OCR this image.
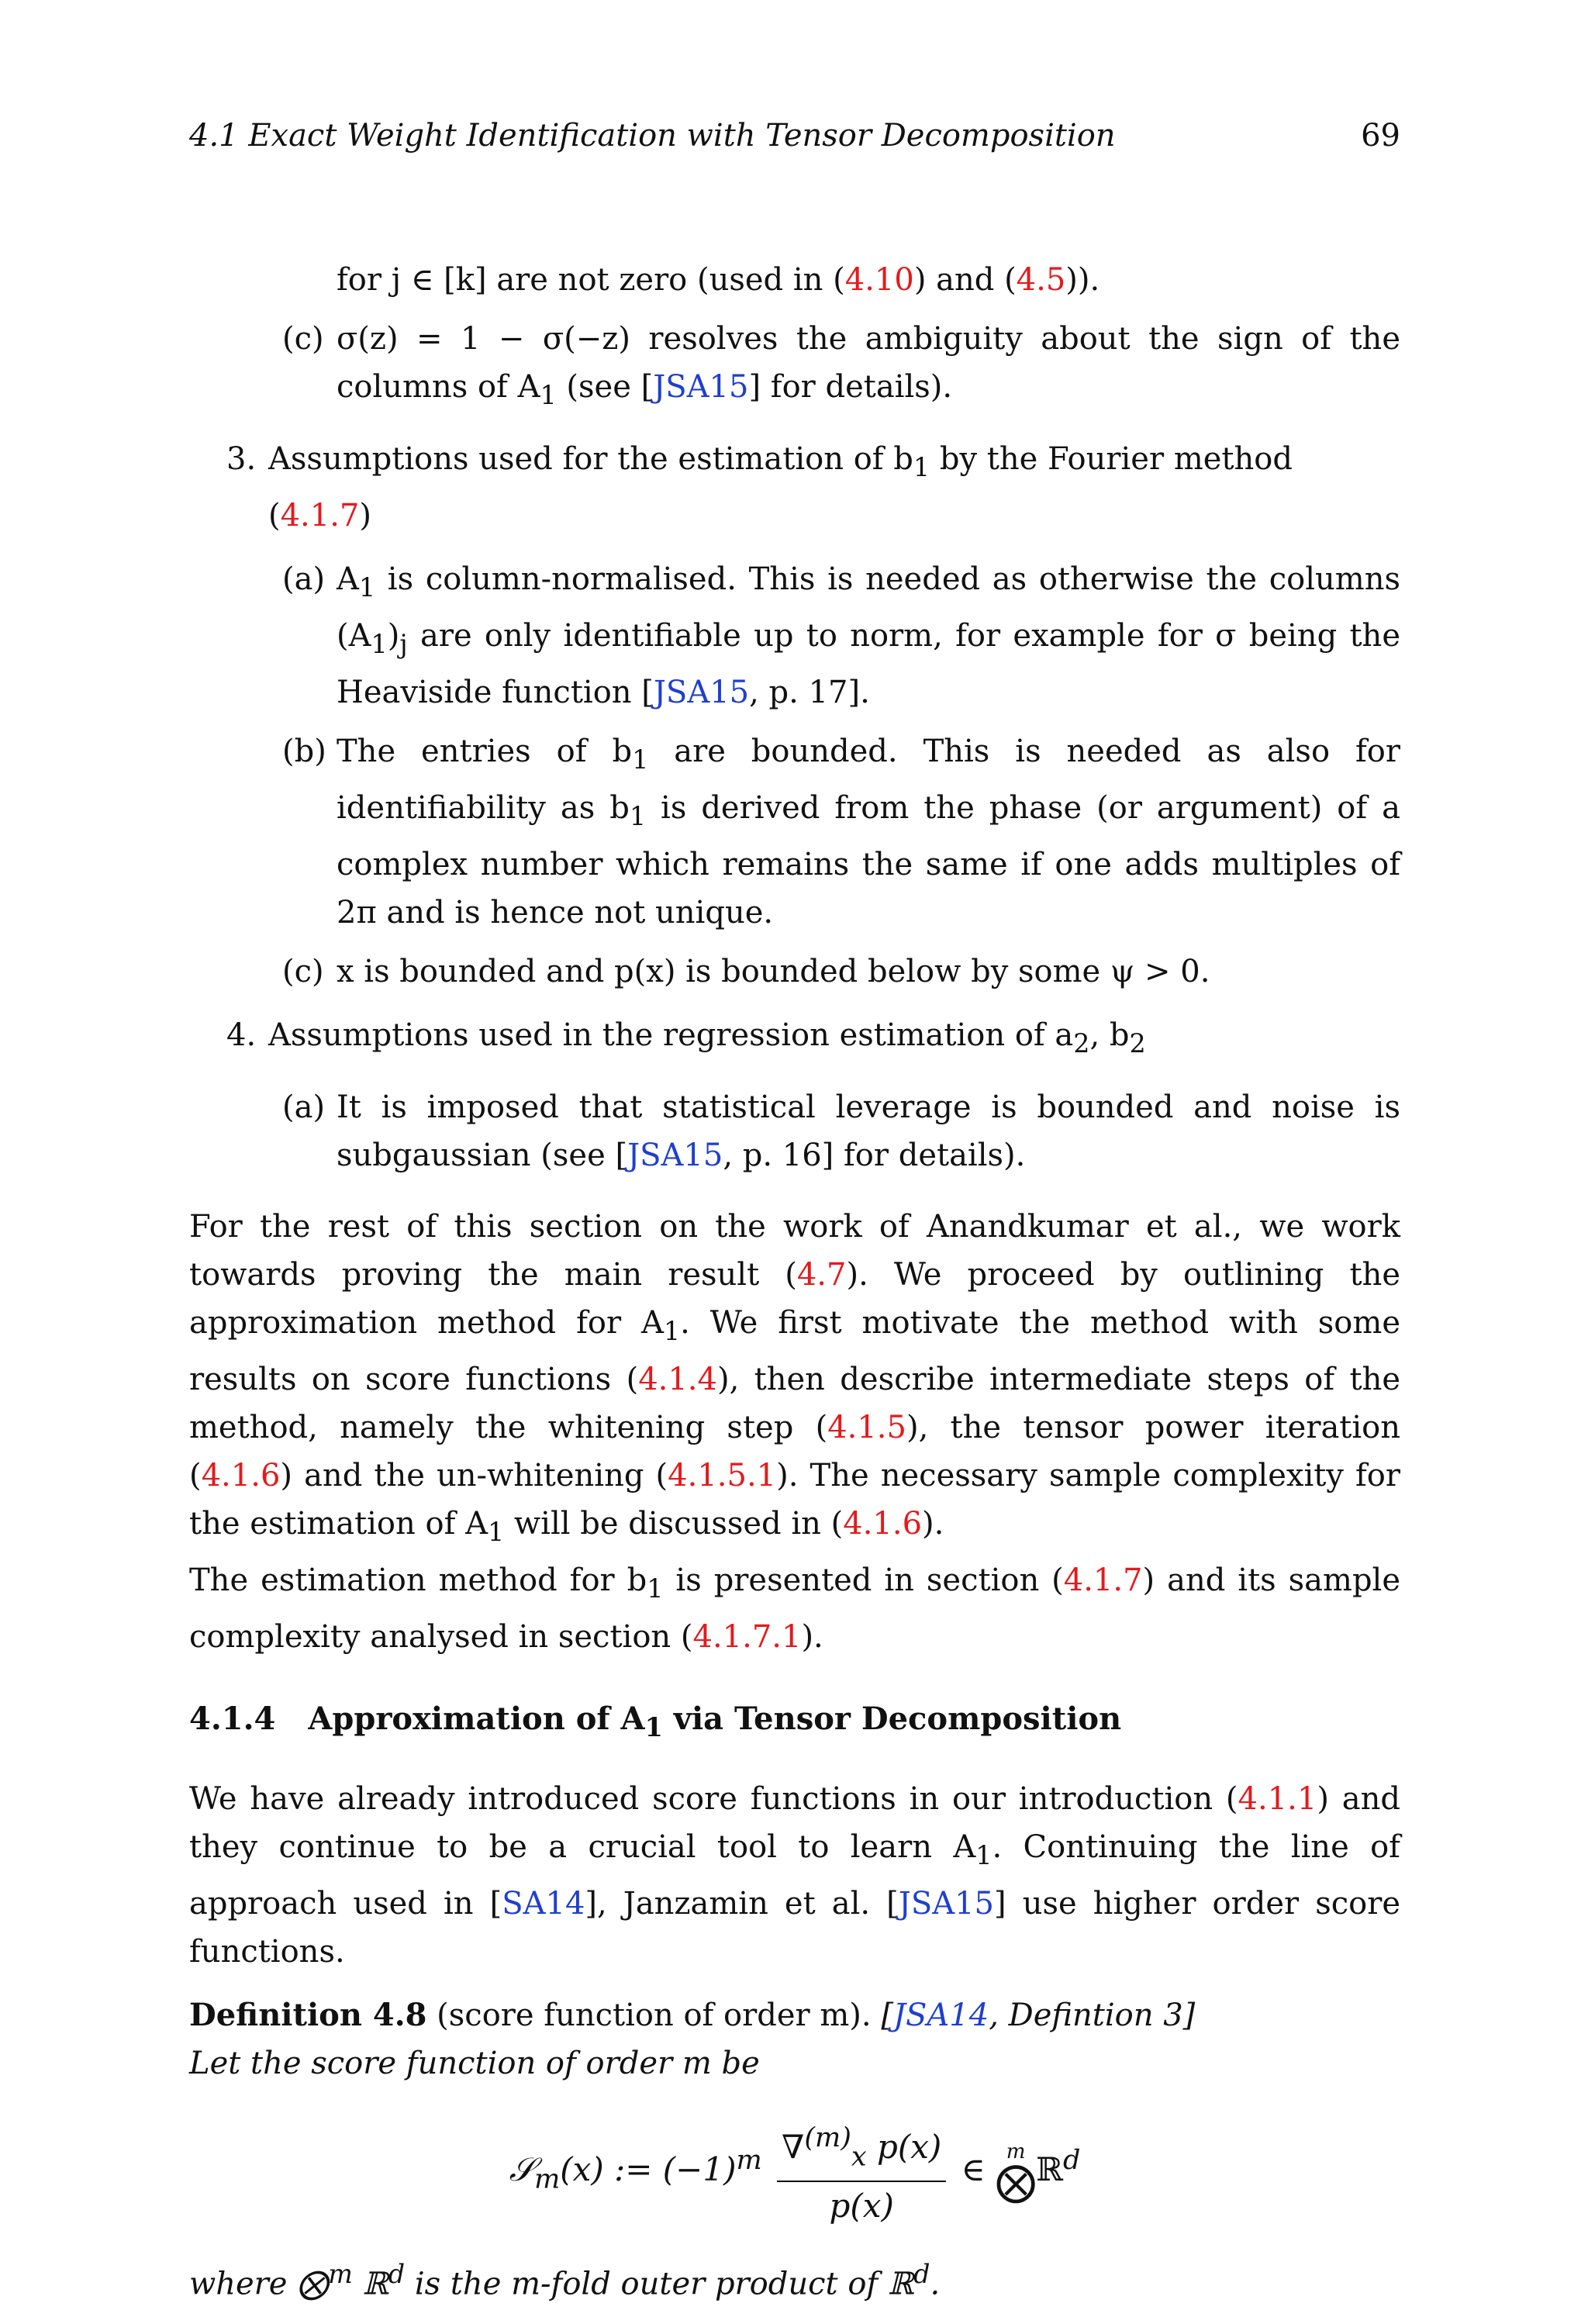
4.1 Exact Weight Identification with Tensor Decomposition	69
for j ∈ [k] are not zero (used in (4.10) and (4.5)).
(c) σ(z) = 1 − σ(−z) resolves the ambiguity about the sign of the columns of $A_1$ (see [JSA15] for details).
3. Assumptions used for the estimation of $b_1$ by the Fourier method (4.1.7)
(a) $A_1$ is column-normalised. This is needed as otherwise the columns $(A_1)_j$ are only identifiable up to norm, for example for σ being the Heaviside function [JSA15, p. 17].
(b) The entries of $b_1$ are bounded. This is needed as also for identifiability as $b_1$ is derived from the phase (or argument) of a complex number which remains the same if one adds multiples of 2π and is hence not unique.
(c) x is bounded and p(x) is bounded below by some ψ > 0.
4. Assumptions used in the regression estimation of $a_2$, $b_2$
(a) It is imposed that statistical leverage is bounded and noise is subgaussian (see [JSA15, p. 16] for details).
For the rest of this section on the work of Anandkumar et al., we work towards proving the main result (4.7). We proceed by outlining the approximation method for $A_1$. We first motivate the method with some results on score functions (4.1.4), then describe intermediate steps of the method, namely the whitening step (4.1.5), the tensor power iteration (4.1.6) and the un-whitening (4.1.5.1). The necessary sample complexity for the estimation of $A_1$ will be discussed in (4.1.6).
The estimation method for $b_1$ is presented in section (4.1.7) and its sample complexity analysed in section (4.1.7.1).
4.1.4 Approximation of $A_1$ via Tensor Decomposition
We have already introduced score functions in our introduction (4.1.1) and they continue to be a crucial tool to learn $A_1$. Continuing the line of approach used in [SA14], Janzamin et al. [JSA15] use higher order score functions.
Definition 4.8 (score function of order m). [JSA14, Defintion 3]
Let the score function of order m be
𝒮$_m$(x) := $(-1)^m \frac{\nabla^{(m)}_x p(x)}{p(x)}$ ∈ m
⨂ ℝ$^d$
where ⨂$^m$ ℝ$^d$ is the m-fold outer product of ℝ$^d$.
